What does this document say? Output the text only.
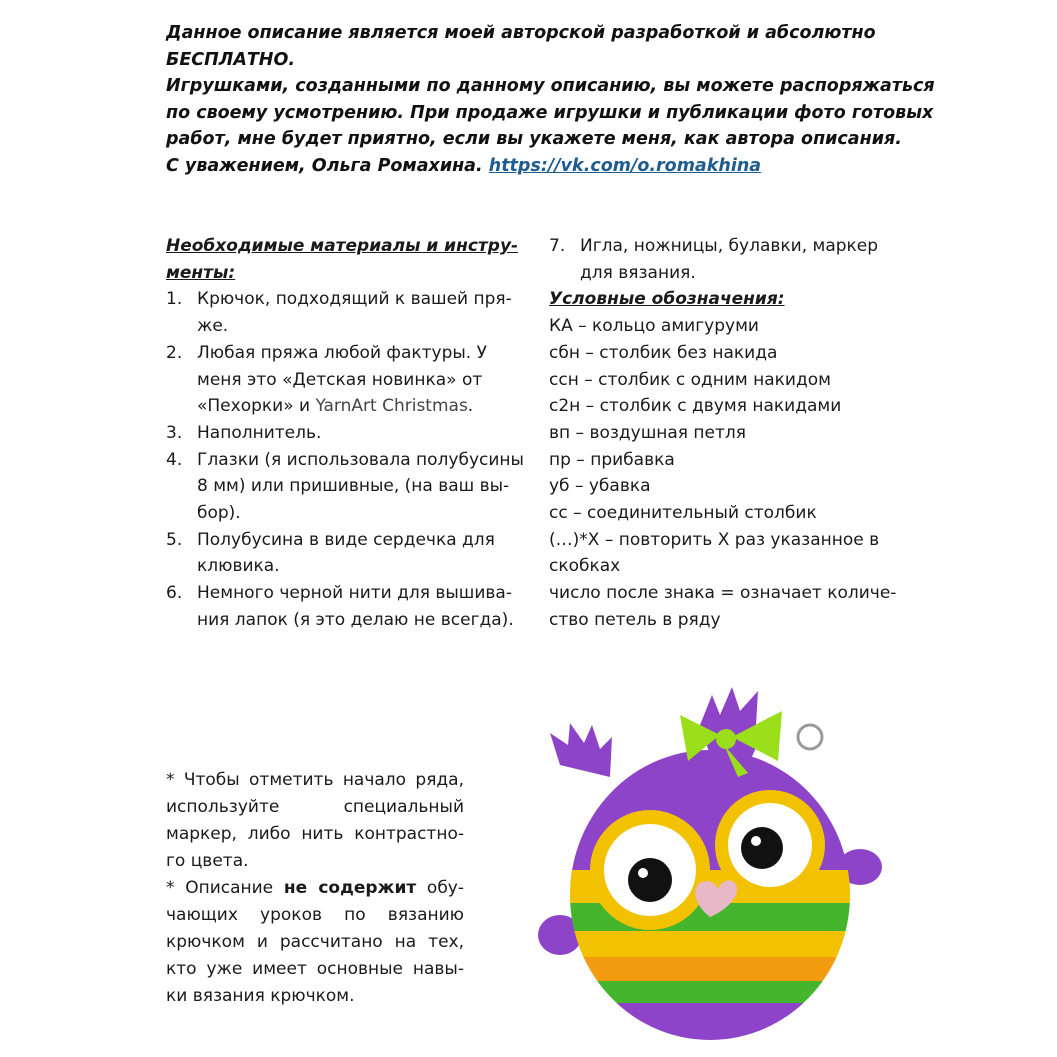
Данное описание является моей авторской разработкой и абсолютно БЕСПЛАТНО.

Игрушками, созданными по данному описанию, вы можете распоряжаться по своему усмотрению. При продаже игрушки и публикации фото готовых работ, мне будет приятно, если вы укажете меня, как автора описания.

С уважением, Ольга Ромахина. https://vk.com/o.romakhina

Необходимые материалы и инстру-менты:
1. Крючок, подходящий к вашей пря-же.
2. Любая пряжа любой фактуры. У меня это «Детская новинка» от «Пехорки» и YarnArt Christmas.
3. Наполнитель.
4. Глазки (я использовала полубусины 8 мм) или пришивные, (на ваш вы-бор).
5. Полубусина в виде сердечка для клювика.
6. Немного черной нити для вышива-ния лапок (я это делаю не всегда).
7. Игла, ножницы, булавки, маркер для вязания.
Условные обозначения:
КА – кольцо амигуруми
сбн – столбик без накида
ссн – столбик с одним накидом
с2н – столбик с двумя накидами
вп – воздушная петля
пр – прибавка
уб – убавка
сс – соединительный столбик
(…)*Х – повторить Х раз указанное в скобках
число после знака = означает количе-ство петель в ряду

* Чтобы отметить начало ряда, используйте специальный маркер, либо нить контрастно-го цвета.

* Описание не содержит обу-чающих уроков по вязанию крючком и рассчитано на тех, кто уже имеет основные навы-ки вязания крючком.
